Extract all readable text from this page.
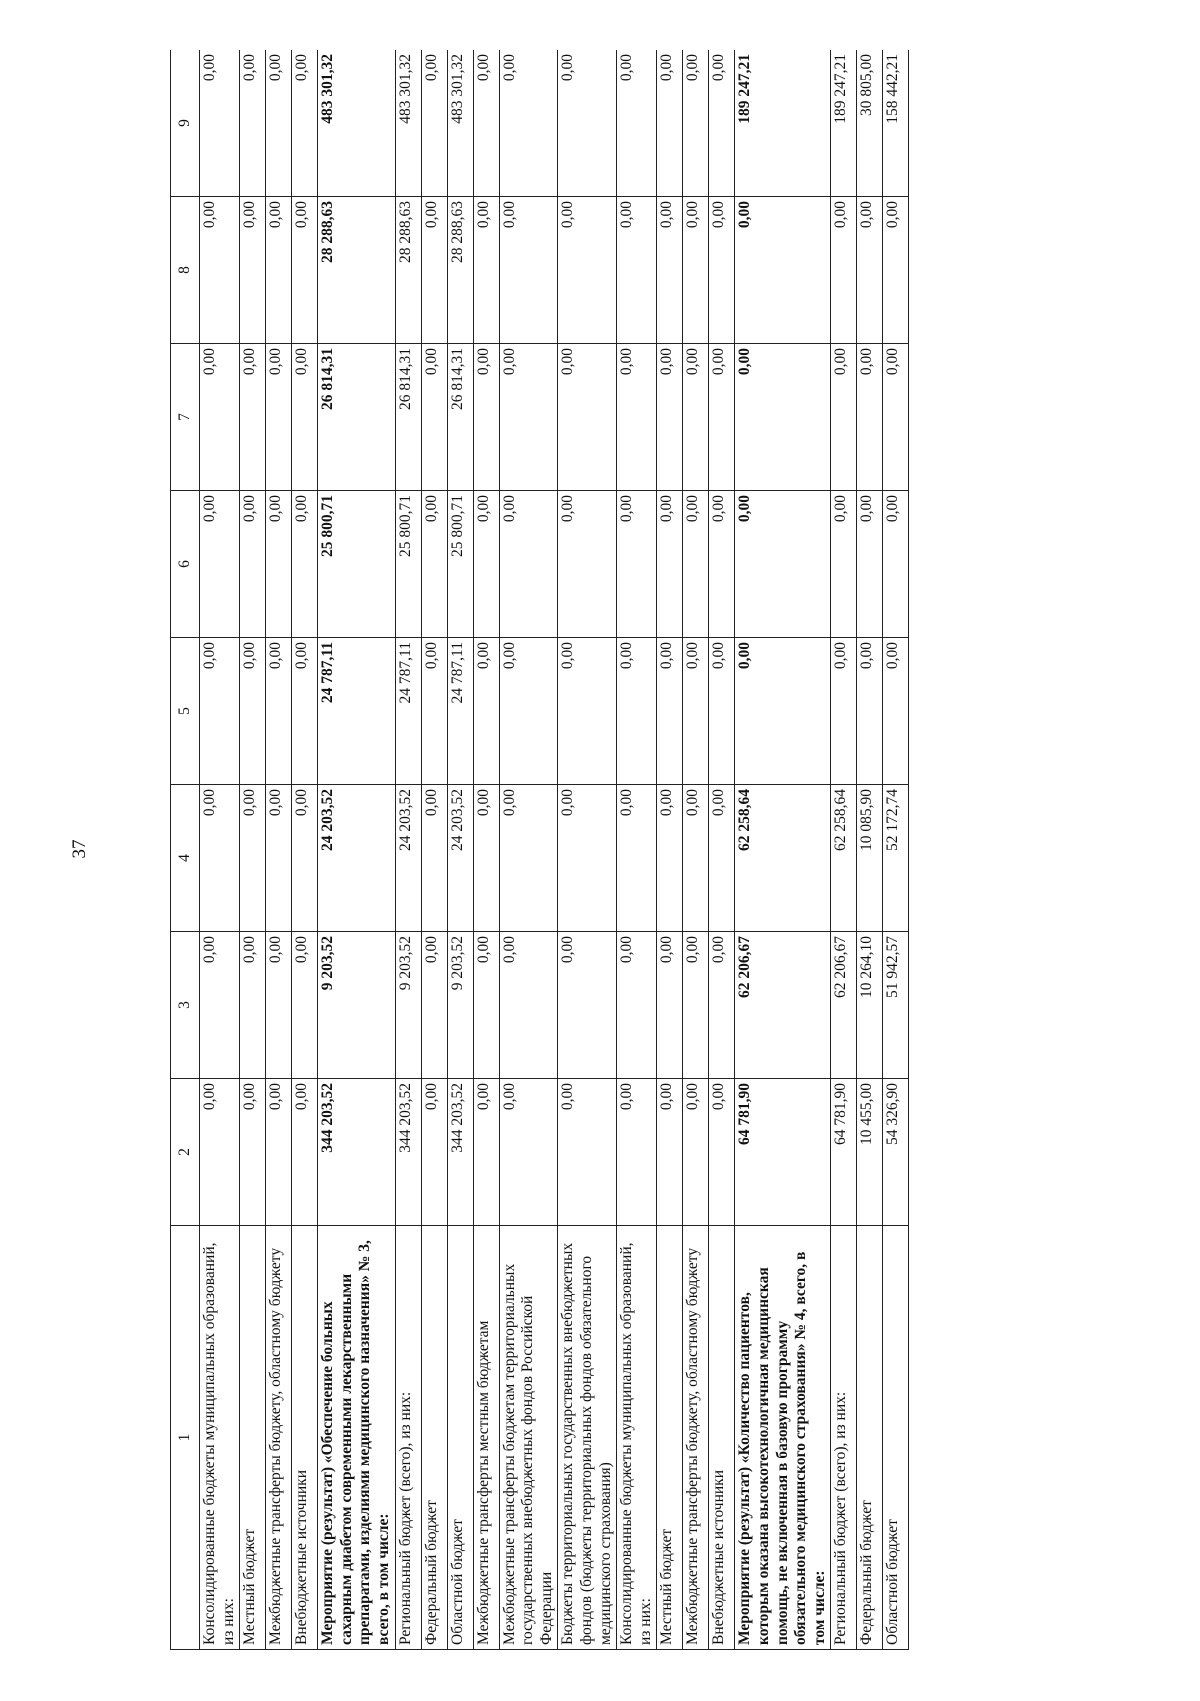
37
1	2	3	4	5	6	7	8	9
Консолидированные бюджеты муниципальных образований, из них:	0,00	0,00	0,00	0,00	0,00	0,00	0,00	0,00
Местный бюджет	0,00	0,00	0,00	0,00	0,00	0,00	0,00	0,00
Межбюджетные трансферты бюджету, областному бюджету	0,00	0,00	0,00	0,00	0,00	0,00	0,00	0,00
Внебюджетные источники	0,00	0,00	0,00	0,00	0,00	0,00	0,00	0,00
Мероприятие (результат) «Обеспечение больных сахарным диабетом современными лекарственными препаратами, изделиями медицинского назначения» № 3, всего, в том числе:	344 203,52	9 203,52	24 203,52	24 787,11	25 800,71	26 814,31	28 288,63	483 301,32
Региональный бюджет (всего), из них:	344 203,52	9 203,52	24 203,52	24 787,11	25 800,71	26 814,31	28 288,63	483 301,32
Федеральный бюджет	0,00	0,00	0,00	0,00	0,00	0,00	0,00	0,00
Областной бюджет	344 203,52	9 203,52	24 203,52	24 787,11	25 800,71	26 814,31	28 288,63	483 301,32
Межбюджетные трансферты местным бюджетам	0,00	0,00	0,00	0,00	0,00	0,00	0,00	0,00
Межбюджетные трансферты бюджетам территориальных государственных внебюджетных фондов Российской Федерации	0,00	0,00	0,00	0,00	0,00	0,00	0,00	0,00
Бюджеты территориальных государственных внебюджетных фондов (бюджеты территориальных фондов обязательного медицинского страхования)	0,00	0,00	0,00	0,00	0,00	0,00	0,00	0,00
Консолидированные бюджеты муниципальных образований, из них:	0,00	0,00	0,00	0,00	0,00	0,00	0,00	0,00
Местный бюджет	0,00	0,00	0,00	0,00	0,00	0,00	0,00	0,00
Межбюджетные трансферты бюджету, областному бюджету	0,00	0,00	0,00	0,00	0,00	0,00	0,00	0,00
Внебюджетные источники	0,00	0,00	0,00	0,00	0,00	0,00	0,00	0,00
Мероприятие (результат) «Количество пациентов, которым оказана высокотехнологичная медицинская помощь, не включенная в базовую программу обязательного медицинского страхования» № 4, всего, в том числе:	64 781,90	62 206,67	62 258,64	0,00	0,00	0,00	0,00	189 247,21
Региональный бюджет (всего), из них:	64 781,90	62 206,67	62 258,64	0,00	0,00	0,00	0,00	189 247,21
Федеральный бюджет	10 455,00	10 264,10	10 085,90	0,00	0,00	0,00	0,00	30 805,00
Областной бюджет	54 326,90	51 942,57	52 172,74	0,00	0,00	0,00	0,00	158 442,21
